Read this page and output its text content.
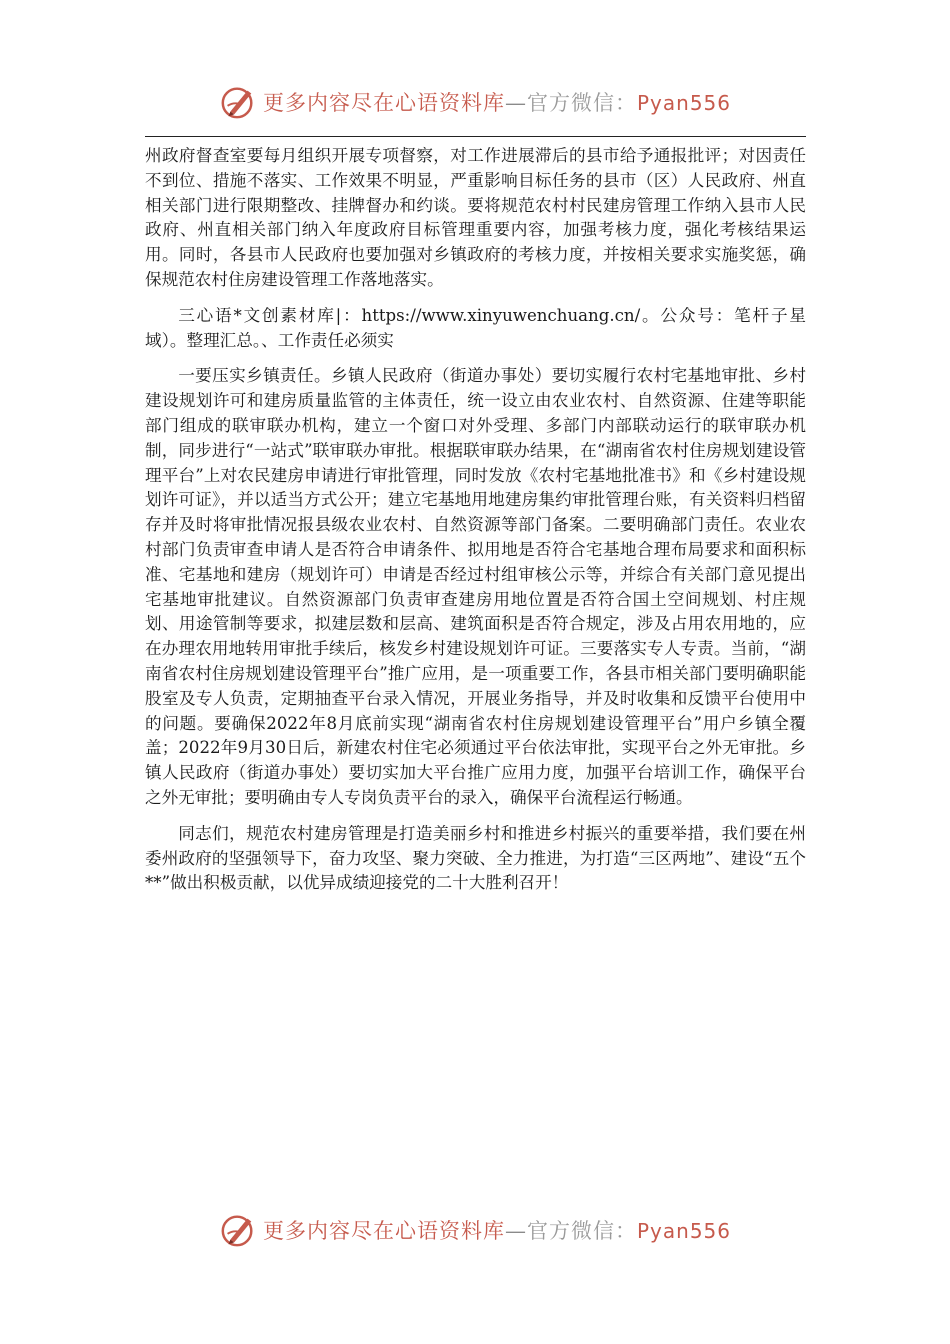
更多内容尽在心语资料库—官方微信：Pyan556

州政府督查室要每月组织开展专项督察，对工作进展滞后的县市给予通报批评；对因责任不到位、措施不落实、工作效果不明显，严重影响目标任务的县市（区）人民政府、州直相关部门进行限期整改、挂牌督办和约谈。要将规范农村村民建房管理工作纳入县市人民政府、州直相关部门纳入年度政府目标管理重要内容，加强考核力度，强化考核结果运用。同时，各县市人民政府也要加强对乡镇政府的考核力度，并按相关要求实施奖惩，确保规范农村住房建设管理工作落地落实。

三心语*文创素材库|：https://www.xinyuwenchuang.cn/。公众号：笔杆子星域）。整理汇总。、工作责任必须实

一要压实乡镇责任。乡镇人民政府（街道办事处）要切实履行农村宅基地审批、乡村建设规划许可和建房质量监管的主体责任，统一设立由农业农村、自然资源、住建等职能部门组成的联审联办机构，建立一个窗口对外受理、多部门内部联动运行的联审联办机制，同步进行“一站式”联审联办审批。根据联审联办结果，在“湖南省农村住房规划建设管理平台”上对农民建房申请进行审批管理，同时发放《农村宅基地批准书》和《乡村建设规划许可证》，并以适当方式公开；建立宅基地用地建房集约审批管理台账，有关资料归档留存并及时将审批情况报县级农业农村、自然资源等部门备案。二要明确部门责任。农业农村部门负责审查申请人是否符合申请条件、拟用地是否符合宅基地合理布局要求和面积标准、宅基地和建房（规划许可）申请是否经过村组审核公示等，并综合有关部门意见提出宅基地审批建议。自然资源部门负责审查建房用地位置是否符合国土空间规划、村庄规划、用途管制等要求，拟建层数和层高、建筑面积是否符合规定，涉及占用农用地的，应在办理农用地转用审批手续后，核发乡村建设规划许可证。三要落实专人专责。当前，“湖南省农村住房规划建设管理平台”推广应用，是一项重要工作，各县市相关部门要明确职能股室及专人负责，定期抽查平台录入情况，开展业务指导，并及时收集和反馈平台使用中的问题。要确保2022年8月底前实现“湖南省农村住房规划建设管理平台”用户乡镇全覆盖；2022年9月30日后，新建农村住宅必须通过平台依法审批，实现平台之外无审批。乡镇人民政府（街道办事处）要切实加大平台推广应用力度，加强平台培训工作，确保平台之外无审批；要明确由专人专岗负责平台的录入，确保平台流程运行畅通。

同志们，规范农村建房管理是打造美丽乡村和推进乡村振兴的重要举措，我们要在州委州政府的坚强领导下，奋力攻坚、聚力突破、全力推进，为打造“三区两地”、建设“五个**”做出积极贡献，以优异成绩迎接党的二十大胜利召开！

更多内容尽在心语资料库—官方微信：Pyan556
